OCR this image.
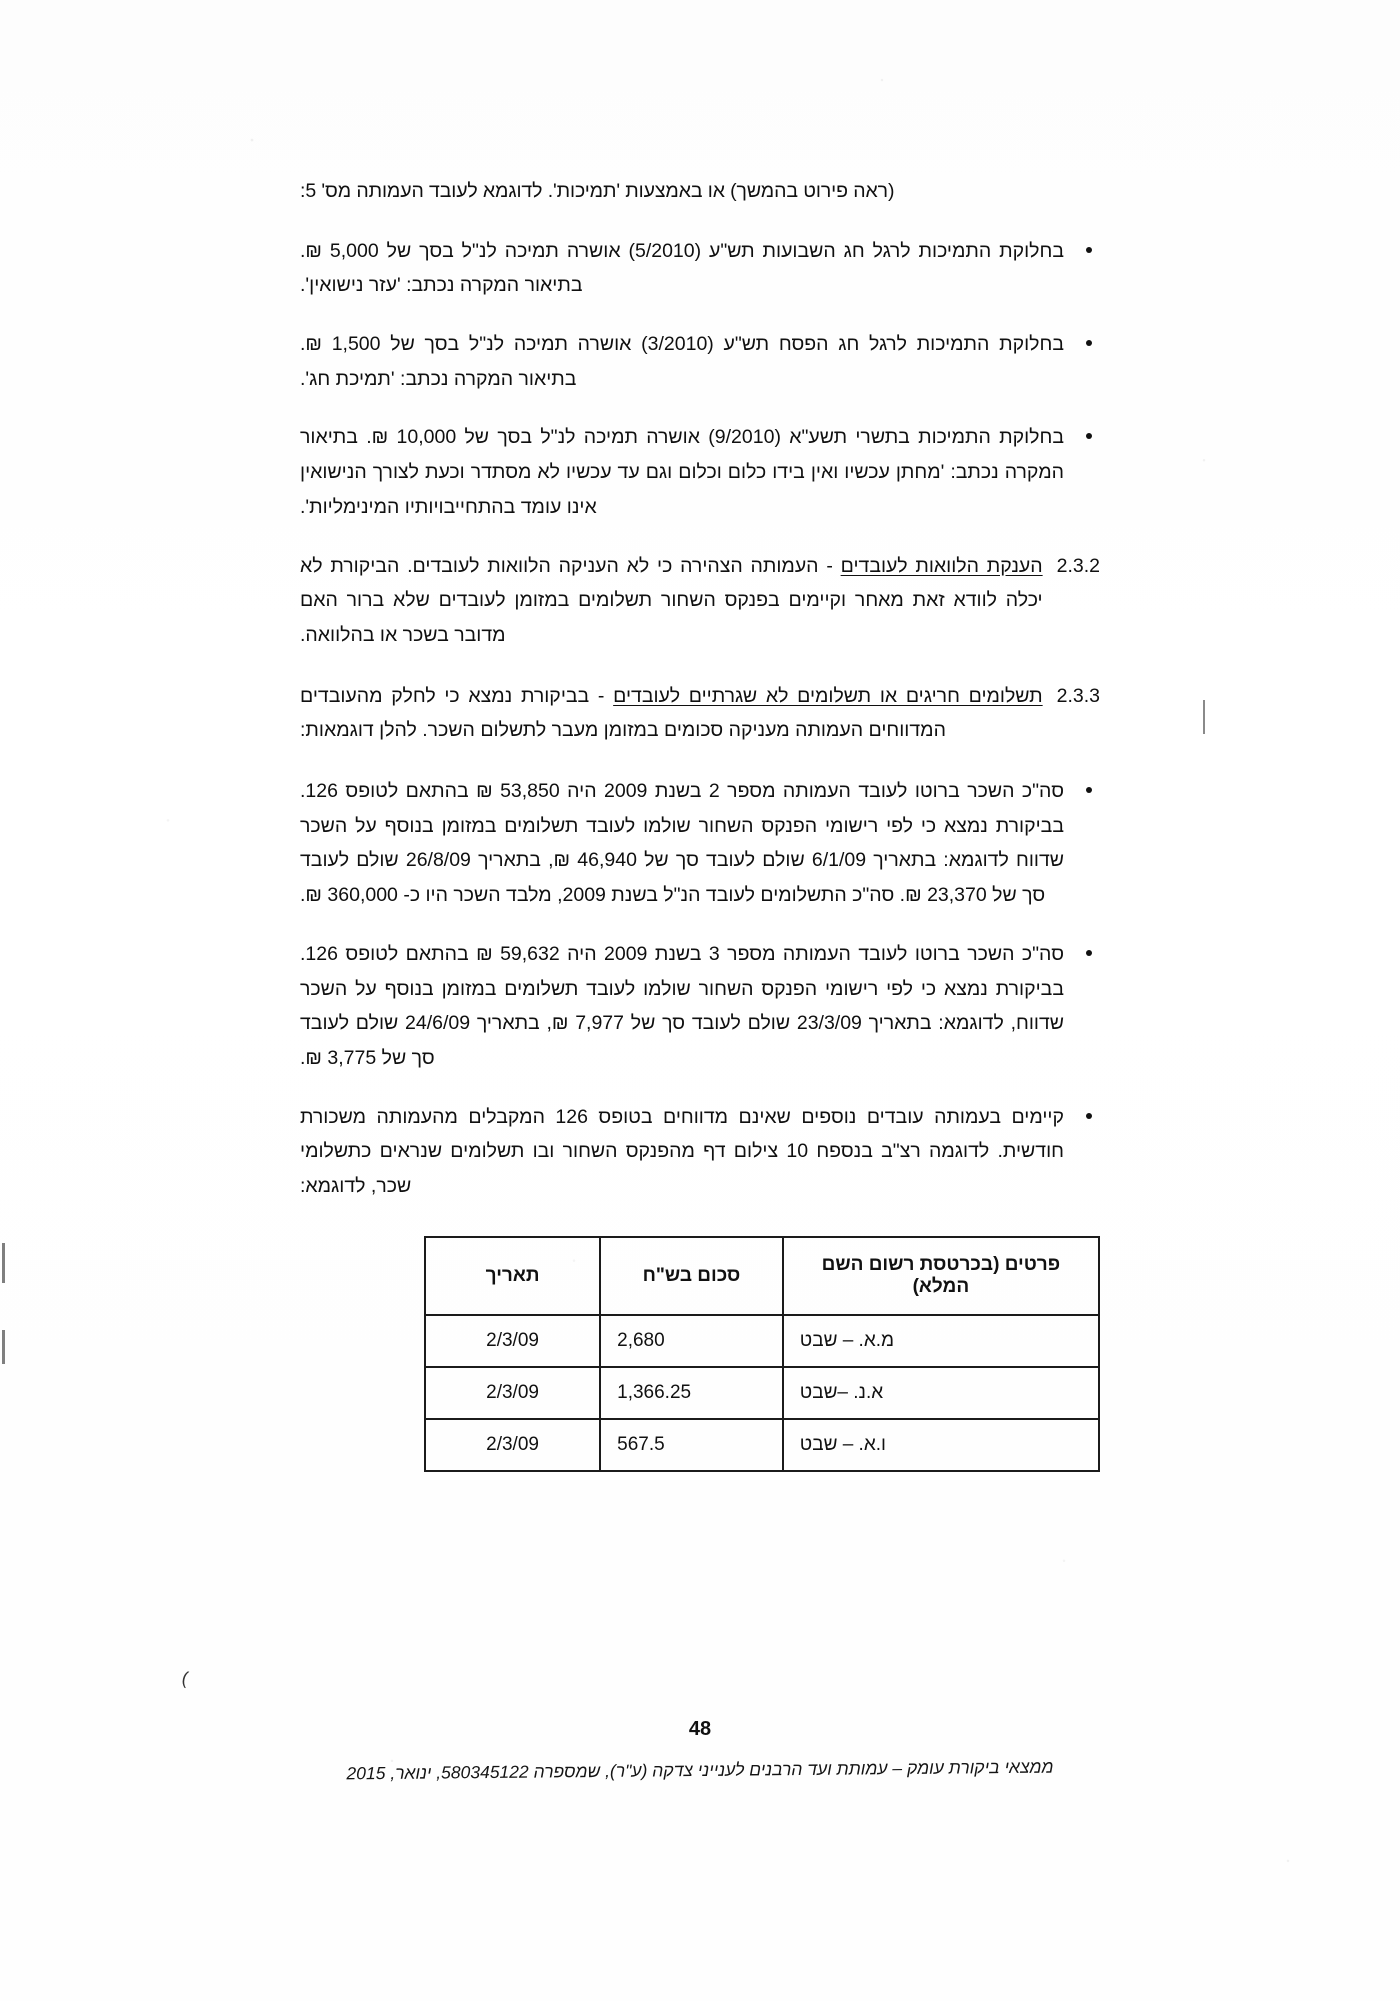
(ראה פירוט בהמשך) או באמצעות 'תמיכות'. לדוגמא לעובד העמותה מס' 5:

בחלוקת התמיכות לרגל חג השבועות תש"ע (5/2010) אושרה תמיכה לנ"ל בסך של 5,000 ₪. בתיאור המקרה נכתב: 'עזר נישואין'.
בחלוקת התמיכות לרגל חג הפסח תש"ע (3/2010) אושרה תמיכה לנ"ל בסך של 1,500 ₪. בתיאור המקרה נכתב: 'תמיכת חג'.
בחלוקת התמיכות בתשרי תשע"א (9/2010) אושרה תמיכה לנ"ל בסך של 10,000 ₪. בתיאור המקרה נכתב: 'מחתן עכשיו ואין בידו כלום וכלום וגם עד עכשיו לא מסתדר וכעת לצורך הנישואין אינו עומד בהתחייבויותיו המינימליות'.
2.3.2
הענקת הלוואות לעובדים - העמותה הצהירה כי לא העניקה הלוואות לעובדים. הביקורת לא יכלה לוודא זאת מאחר וקיימים בפנקס השחור תשלומים במזומן לעובדים שלא ברור האם מדובר בשכר או בהלוואה.
2.3.3
תשלומים חריגים או תשלומים לא שגרתיים לעובדים - בביקורת נמצא כי לחלק מהעובדים המדווחים העמותה מעניקה סכומים במזומן מעבר לתשלום השכר. להלן דוגמאות:
סה"כ השכר ברוטו לעובד העמותה מספר 2 בשנת 2009 היה 53,850 ₪ בהתאם לטופס 126. בביקורת נמצא כי לפי רישומי הפנקס השחור שולמו לעובד תשלומים במזומן בנוסף על השכר שדווח לדוגמא: בתאריך 6/1/09 שולם לעובד סך של 46,940 ₪, בתאריך 26/8/09 שולם לעובד סך של 23,370 ₪. סה"כ התשלומים לעובד הנ"ל בשנת 2009, מלבד השכר היו כ- 360,000 ₪.
סה"כ השכר ברוטו לעובד העמותה מספר 3 בשנת 2009 היה 59,632 ₪ בהתאם לטופס 126. בביקורת נמצא כי לפי רישומי הפנקס השחור שולמו לעובד תשלומים במזומן בנוסף על השכר שדווח, לדוגמא: בתאריך 23/3/09 שולם לעובד סך של 7,977 ₪, בתאריך 24/6/09 שולם לעובד סך של 3,775 ₪.
קיימים בעמותה עובדים נוספים שאינם מדווחים בטופס 126 המקבלים מהעמותה משכורת חודשית. לדוגמה רצ"ב בנספח 10 צילום דף מהפנקס השחור ובו תשלומים שנראים כתשלומי שכר, לדוגמא:
פרטים (בכרטסת רשום השם המלא)	סכום בש"ח	תאריך
מ.א. – שבט	2,680	2/3/09
א.נ. –שבט	1,366.25	2/3/09
ו.א. – שבט	567.5	2/3/09
48
ממצאי ביקורת עומק – עמותת ועד הרבנים לענייני צדקה (ע"ר), שמספרה 580345122, ינואר, 2015
)
